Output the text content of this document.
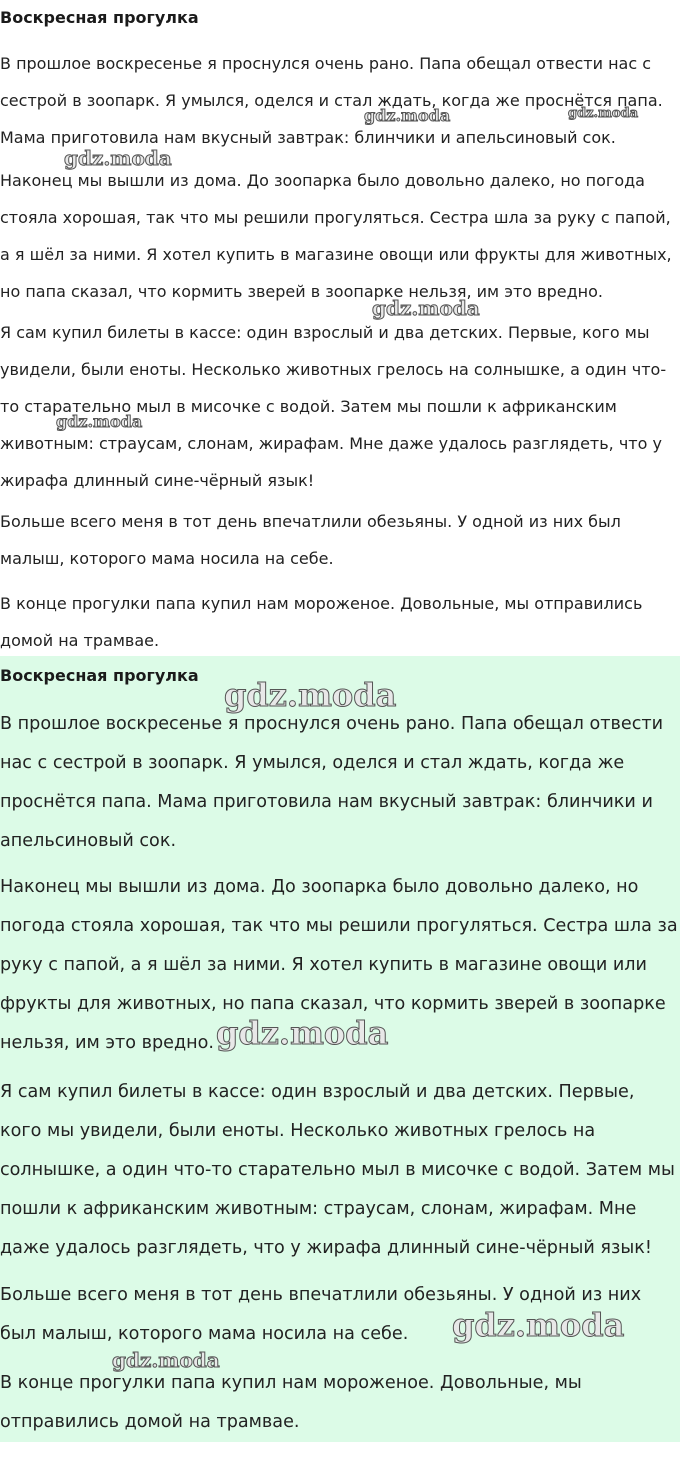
Воскресная прогулка

В прошлое воскресенье я проснулся очень рано. Папа обещал отвести нас с сестрой в зоопарк. Я умылся, оделся и стал ждать, когда же проснётся папа. Мама приготовила нам вкусный завтрак: блинчики и апельсиновый сок.

Наконец мы вышли из дома. До зоопарка было довольно далеко, но погода стояла хорошая, так что мы решили прогуляться. Сестра шла за руку с папой, а я шёл за ними. Я хотел купить в магазине овощи или фрукты для животных, но папа сказал, что кормить зверей в зоопарке нельзя, им это вредно.

Я сам купил билеты в кассе: один взрослый и два детских. Первые, кого мы увидели, были еноты. Несколько животных грелось на солнышке, а один что-то старательно мыл в мисочке с водой. Затем мы пошли к африканским животным: страусам, слонам, жирафам. Мне даже удалось разглядеть, что у жирафа длинный сине-чёрный язык!

Больше всего меня в тот день впечатлили обезьяны. У одной из них был малыш, которого мама носила на себе.

В конце прогулки папа купил нам мороженое. Довольные, мы отправились домой на трамвае.

Воскресная прогулка

В прошлое воскресенье я проснулся очень рано. Папа обещал отвести нас с сестрой в зоопарк. Я умылся, оделся и стал ждать, когда же проснётся папа. Мама приготовила нам вкусный завтрак: блинчики и апельсиновый сок.

Наконец мы вышли из дома. До зоопарка было довольно далеко, но погода стояла хорошая, так что мы решили прогуляться. Сестра шла за руку с папой, а я шёл за ними. Я хотел купить в магазине овощи или фрукты для животных, но папа сказал, что кормить зверей в зоопарке нельзя, им это вредно.

Я сам купил билеты в кассе: один взрослый и два детских. Первые, кого мы увидели, были еноты. Несколько животных грелось на солнышке, а один что-то старательно мыл в мисочке с водой. Затем мы пошли к африканским животным: страусам, слонам, жирафам. Мне даже удалось разглядеть, что у жирафа длинный сине-чёрный язык!

Больше всего меня в тот день впечатлили обезьяны. У одной из них был малыш, которого мама носила на себе.

В конце прогулки папа купил нам мороженое. Довольные, мы отправились домой на трамвае.

gdz.moda	gdz.moda
gdz.moda
gdz.moda
gdz.moda
gdz.moda
gdz.moda
gdz.moda
gdz.moda
